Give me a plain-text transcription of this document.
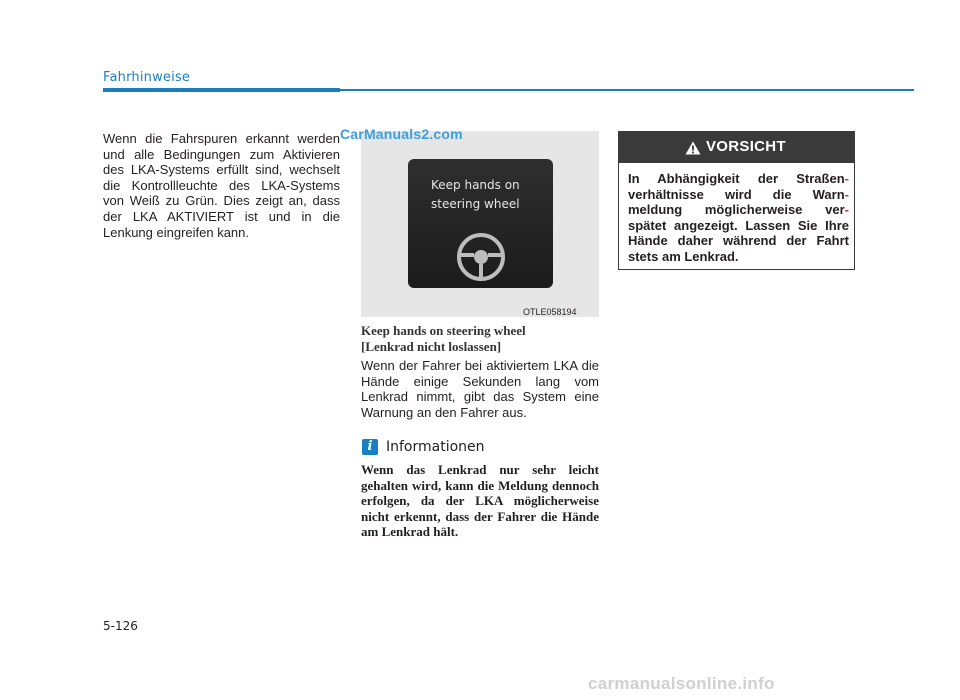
Fahrhinweise
Wenn die Fahrspuren erkannt werden und alle Bedingungen zum Aktivieren des LKA-Systems erfüllt sind, wechselt die Kontrollleuchte des LKA-Systems von Weiß zu Grün. Dies zeigt an, dass der LKA AKTIVIERT ist und in die Lenkung eingreifen kann.
Keep hands on
steering wheel
CarManuals2.com
OTLE058194
Keep hands on steering wheel
[Lenkrad nicht loslassen]
Wenn der Fahrer bei aktiviertem LKA die Hände einige Sekunden lang vom Lenkrad nimmt, gibt das System eine Warnung an den Fahrer aus.
i Informationen
Wenn das Lenkrad nur sehr leicht gehalten wird, kann die Meldung dennoch erfolgen, da der LKA möglicherweise nicht erkennt, dass der Fahrer die Hände am Lenkrad hält.
VORSICHT
In Abhängigkeit der Straßen- verhältnisse wird die Warn- meldung möglicherweise ver- spätet angezeigt. Lassen Sie Ihre Hände daher während der Fahrt stets am Lenkrad.
5-126
carmanualsonline.info
